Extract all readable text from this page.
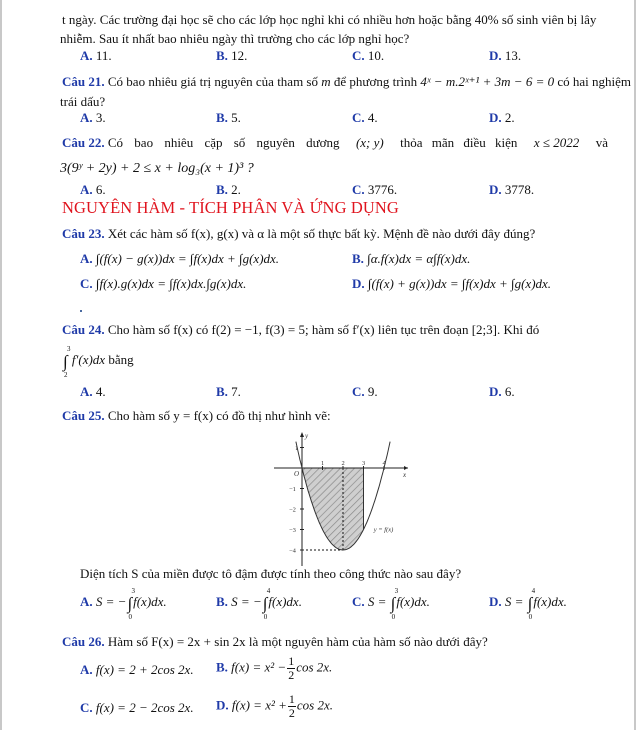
t ngày. Các trường đại học sẽ cho các lớp học nghỉ khi có nhiều hơn hoặc bằng 40% số sinh viên bị lây
nhiễm. Sau ít nhất bao nhiêu ngày thì trường cho các lớp nghỉ học?
A. 11.	B. 12.	C. 10.	D. 13.
Câu 21. Có bao nhiêu giá trị nguyên của tham số m để phương trình 4ˣ − m.2ˣ⁺¹ + 3m − 6 = 0 có hai nghiệm
trái dấu?
A. 3.	B. 5.	C. 4.	D. 2.
Câu 22. Có bao nhiêu cặp số nguyên dương (x; y) thỏa mãn điều kiện x ≤ 2022 và
3(9ʸ + 2y) + 2 ≤ x + log₃(x + 1)³ ?
A. 6.	B. 2.	C. 3776.	D. 3778.
NGUYÊN HÀM - TÍCH PHÂN VÀ ỨNG DỤNG
Câu 23. Xét các hàm số f(x), g(x) và α là một số thực bất kỳ. Mệnh đề nào dưới đây đúng?
A. ∫(f(x) − g(x))dx = ∫f(x)dx + ∫g(x)dx.	B. ∫α.f(x)dx = α∫f(x)dx.
C. ∫f(x).g(x)dx = ∫f(x)dx.∫g(x)dx.	D. ∫(f(x) + g(x))dx = ∫f(x)dx + ∫g(x)dx.
Câu 24. Cho hàm số f(x) có f(2) = −1, f(3) = 5; hàm số f′(x) liên tục trên đoạn [2;3]. Khi đó
∫
3
2
f′(x)dx bằng
A. 4.	B. 7.	C. 9.	D. 6.
Câu 25. Cho hàm số y = f(x) có đồ thị như hình vẽ:
1	2	3	4
1
−1
−2
−3
−4
y
x
O
y = f(x)
Diện tích S của miền được tô đậm được tính theo công thức nào sau đây?
A. S = −∫
3
0
f(x)dx.	B. S = −∫
4
0
f(x)dx.	C. S = ∫
3
0
f(x)dx.	D. S = ∫
4
0
f(x)dx.
Câu 26. Hàm số F(x) = 2x + sin 2x là một nguyên hàm của hàm số nào dưới đây?
A. f(x) = 2 + 2cos 2x. B. $f(x) = x^2 - \frac{1}{2}$ cos 2x.
C. f(x) = 2 − 2cos 2x. D. $f(x) = x^2 + \frac{1}{2}$ cos 2x.
